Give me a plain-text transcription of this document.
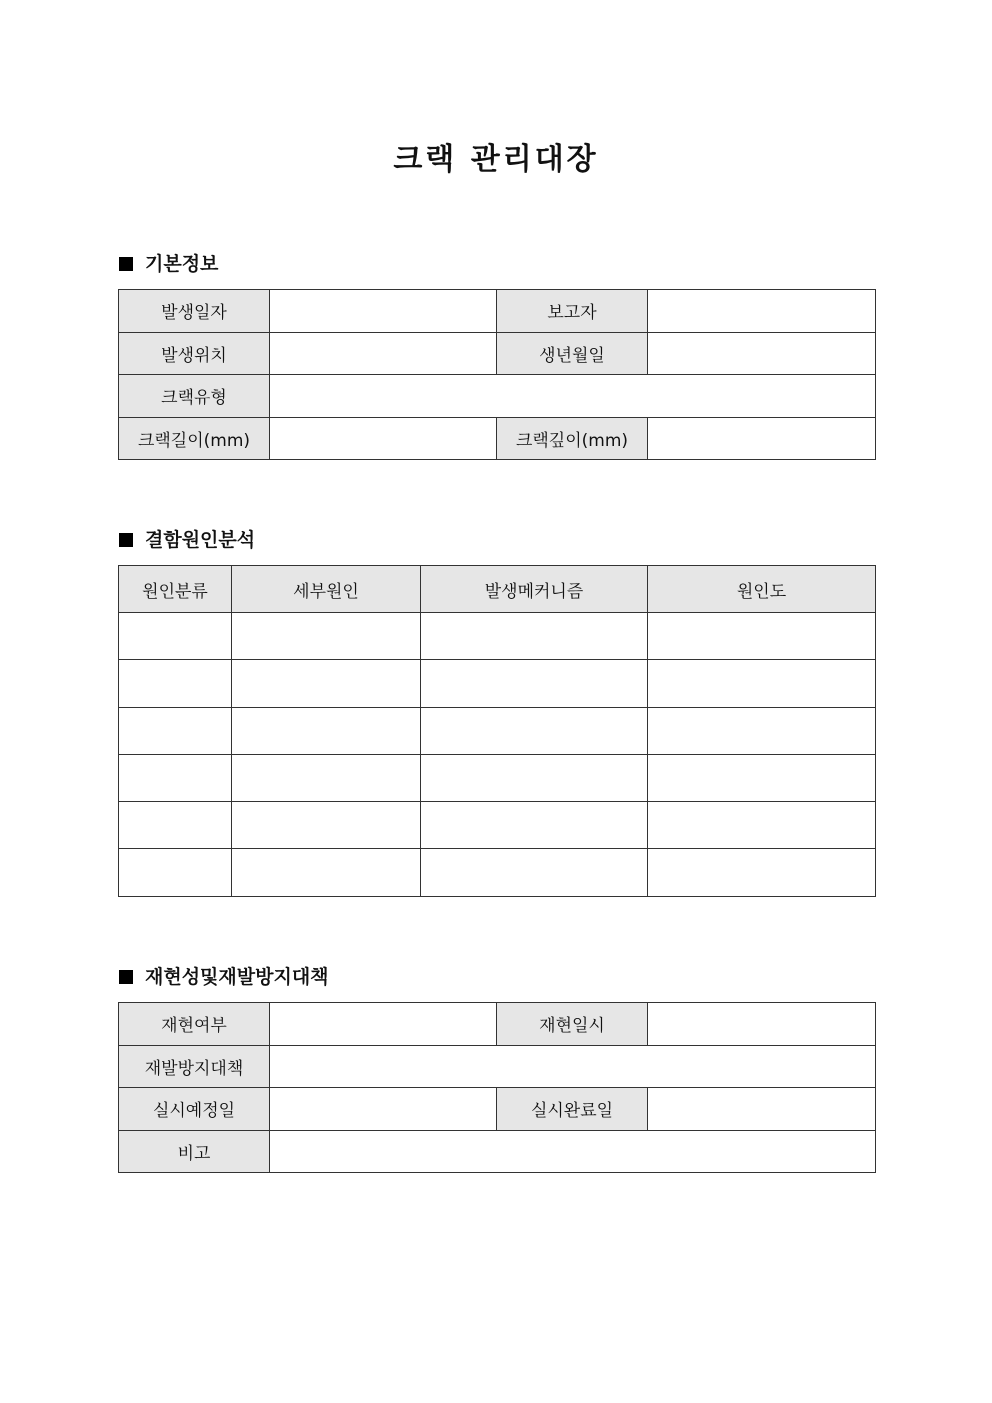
크랙 관리대장
기본정보
발생일자		보고자	
발생위치		생년월일	
크랙유형			
크랙길이(mm)		크랙깊이(mm)	
결함원인분석
원인분류	세부원인	발생메커니즘	원인도

재현성및재발방지대책
재현여부		재현일시	
재발방지대책			
실시예정일		실시완료일	
비고			
